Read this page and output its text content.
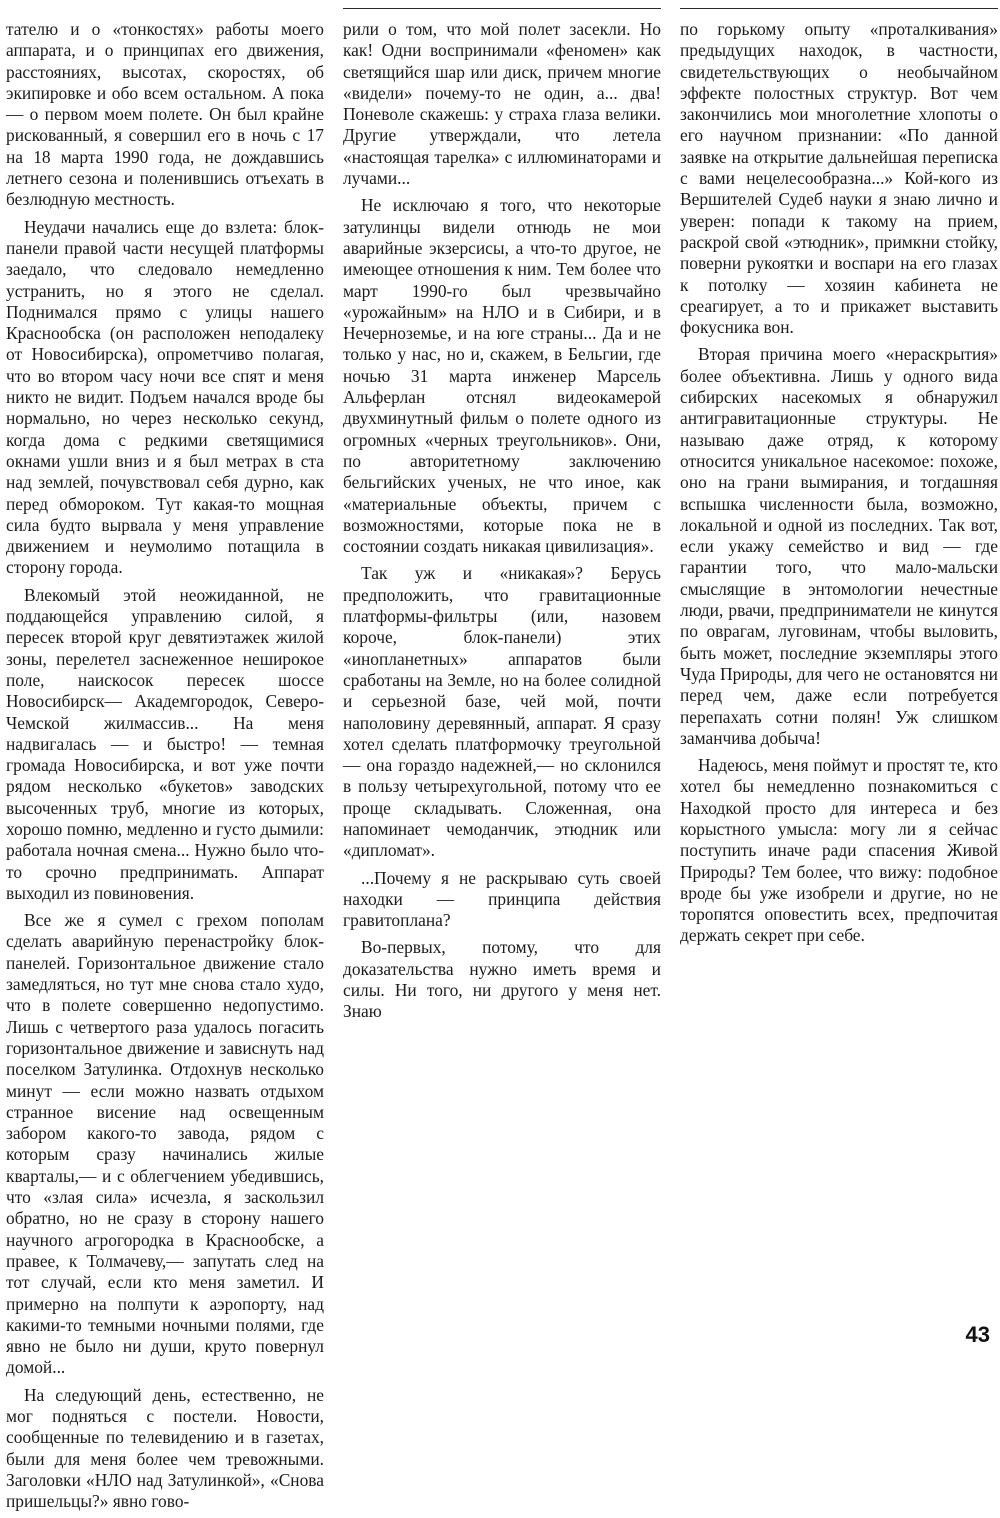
тателю и о «тонкостях» работы моего аппарата, и о принципах его движения, расстояниях, высотах, скоростях, об экипировке и обо всем остальном. А пока — о первом моем полете. Он был крайне рискованный, я совершил его в ночь с 17 на 18 марта 1990 года, не дождавшись летнего сезона и поленившись отъехать в безлюдную местность.

Неудачи начались еще до взлета: блок-панели правой части несущей платформы заедало, что следовало немедленно устранить, но я этого не сделал. Поднимался прямо с улицы нашего Краснообска (он расположен неподалеку от Новосибирска), опрометчиво полагая, что во втором часу ночи все спят и меня никто не видит. Подъем начался вроде бы нормально, но через несколько секунд, когда дома с редкими светящимися окнами ушли вниз и я был метрах в ста над землей, почувствовал себя дурно, как перед обмороком. Тут какая-то мощная сила будто вырвала у меня управление движением и неумолимо потащила в сторону города.

Влекомый этой неожиданной, не поддающейся управлению силой, я пересек второй круг девятиэтажек жилой зоны, перелетел заснеженное неширокое поле, наискосок пересек шоссе Новосибирск— Академгородок, Северо-Чемской жилмассив... На меня надвигалась — и быстро! — темная громада Новосибирска, и вот уже почти рядом несколько «букетов» заводских высоченных труб, многие из которых, хорошо помню, медленно и густо дымили: работала ночная смена... Нужно было что-то срочно предпринимать. Аппарат выходил из повиновения.

Все же я сумел с грехом пополам сделать аварийную перенастройку блок-панелей. Горизонтальное движение стало замедляться, но тут мне снова стало худо, что в полете совершенно недопустимо. Лишь с четвертого раза удалось погасить горизонтальное движение и зависнуть над поселком Затулинка. Отдохнув несколько минут — если можно назвать отдыхом странное висение над освещенным забором какого-то завода, рядом с которым сразу начинались жилые кварталы,— и с облегчением убедившись, что «злая сила» исчезла, я заскользил обратно, но не сразу в сторону нашего научного агрогородка в Краснообске, а правее, к Толмачеву,— запутать след на тот случай, если кто меня заметил. И примерно на полпути к аэропорту, над какими-то темными ночными полями, где явно не было ни души, круто повернул домой...

На следующий день, естественно, не мог подняться с постели. Новости, сообщенные по телевидению и в газетах, были для меня более чем тревожными. Заголовки «НЛО над Затулинкой», «Снова пришельцы?» явно гово-

рили о том, что мой полет засекли. Но как! Одни воспринимали «феномен» как светящийся шар или диск, причем многие «видели» почему-то не один, а... два! Поневоле скажешь: у страха глаза велики. Другие утверждали, что летела «настоящая тарелка» с иллюминаторами и лучами...

Не исключаю я того, что некоторые затулинцы видели отнюдь не мои аварийные экзерсисы, а что-то другое, не имеющее отношения к ним. Тем более что март 1990-го был чрезвычайно «урожайным» на НЛО и в Сибири, и в Нечерноземье, и на юге страны... Да и не только у нас, но и, скажем, в Бельгии, где ночью 31 марта инженер Марсель Альферлан отснял видеокамерой двухминутный фильм о полете одного из огромных «черных треугольников». Они, по авторитетному заключению бельгийских ученых, не что иное, как «материальные объекты, причем с возможностями, которые пока не в состоянии создать никакая цивилизация».

Так уж и «никакая»? Берусь предположить, что гравитационные платформы-фильтры (или, назовем короче, блок-панели) этих «инопланетных» аппаратов были сработаны на Земле, но на более солидной и серьезной базе, чей мой, почти наполовину деревянный, аппарат. Я сразу хотел сделать платформочку треугольной — она гораздо надежней,— но склонился в пользу четырехугольной, потому что ее проще складывать. Сложенная, она напоминает чемоданчик, этюдник или «дипломат».

...Почему я не раскрываю суть своей находки — принципа действия гравитоплана?

Во-первых, потому, что для доказательства нужно иметь время и силы. Ни того, ни другого у меня нет. Знаю

по горькому опыту «проталкивания» предыдущих находок, в частности, свидетельствующих о необычайном эффекте полостных структур. Вот чем закончились мои многолетние хлопоты о его научном признании: «По данной заявке на открытие дальнейшая переписка с вами нецелесообразна...» Кой-кого из Вершителей Судеб науки я знаю лично и уверен: попади к такому на прием, раскрой свой «этюдник», примкни стойку, поверни рукоятки и воспари на его глазах к потолку — хозяин кабинета не среагирует, а то и прикажет выставить фокусника вон.

Вторая причина моего «нераскрытия» более объективна. Лишь у одного вида сибирских насекомых я обнаружил антигравитационные структуры. Не называю даже отряд, к которому относится уникальное насекомое: похоже, оно на грани вымирания, и тогдашняя вспышка численности была, возможно, локальной и одной из последних. Так вот, если укажу семейство и вид — где гарантии того, что мало-мальски смыслящие в энтомологии нечестные люди, рвачи, предприниматели не кинутся по оврагам, луговинам, чтобы выловить, быть может, последние экземпляры этого Чуда Природы, для чего не остановятся ни перед чем, даже если потребуется перепахать сотни полян! Уж слишком заманчива добыча!

Надеюсь, меня поймут и простят те, кто хотел бы немедленно познакомиться с Находкой просто для интереса и без корыстного умысла: могу ли я сейчас поступить иначе ради спасения Живой Природы? Тем более, что вижу: подобное вроде бы уже изобрели и другие, но не торопятся оповестить всех, предпочитая держать секрет при себе.

43
